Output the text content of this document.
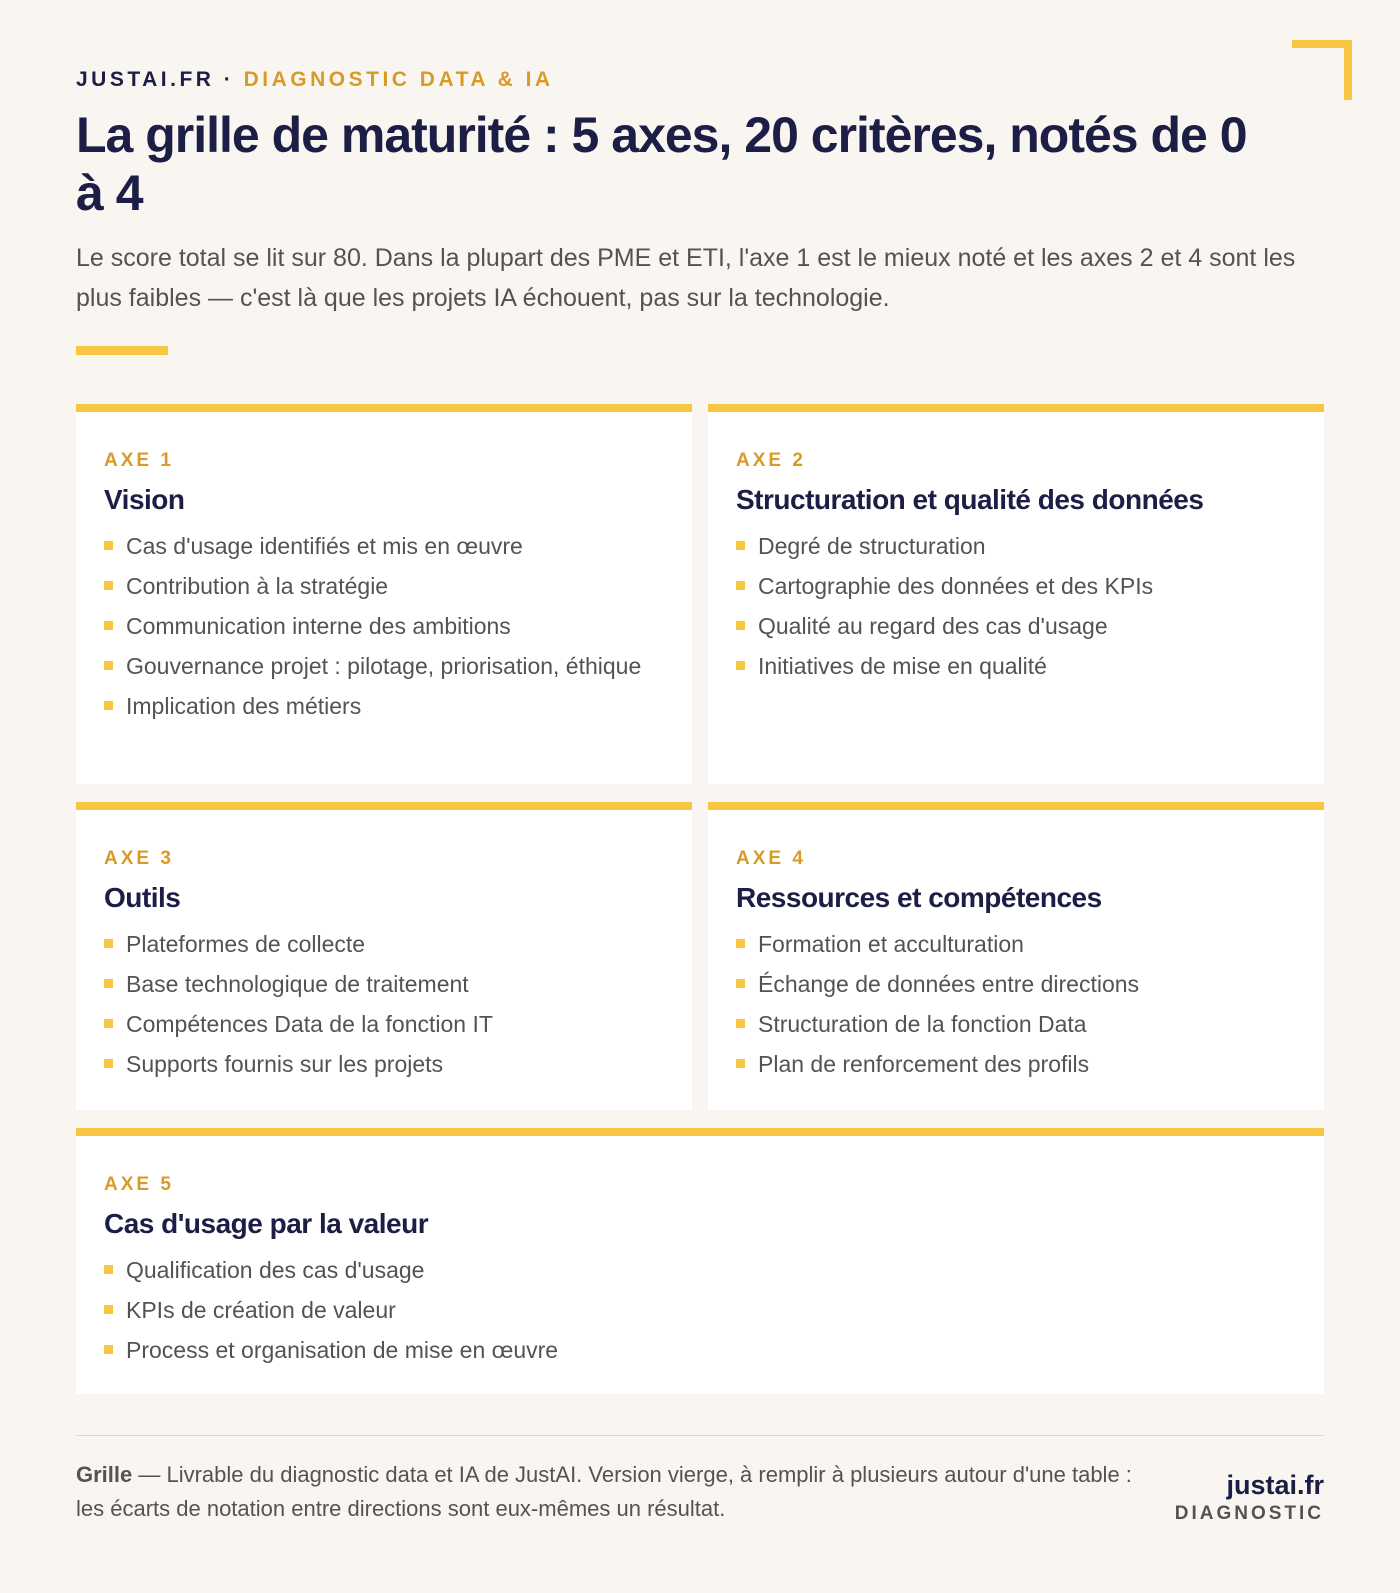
JUSTAI.FR · DIAGNOSTIC DATA & IA

La grille de maturité : 5 axes, 20 critères, notés de 0 à 4

Le score total se lit sur 80. Dans la plupart des PME et ETI, l'axe 1 est le mieux noté et les axes 2 et 4 sont les plus faibles — c'est là que les projets IA échouent, pas sur la technologie.

AXE 1
Vision
Cas d'usage identifiés et mis en œuvre
Contribution à la stratégie
Communication interne des ambitions
Gouvernance projet : pilotage, priorisation, éthique
Implication des métiers
AXE 2
Structuration et qualité des données
Degré de structuration
Cartographie des données et des KPIs
Qualité au regard des cas d'usage
Initiatives de mise en qualité
AXE 3
Outils
Plateformes de collecte
Base technologique de traitement
Compétences Data de la fonction IT
Supports fournis sur les projets
AXE 4
Ressources et compétences
Formation et acculturation
Échange de données entre directions
Structuration de la fonction Data
Plan de renforcement des profils
AXE 5
Cas d'usage par la valeur
Qualification des cas d'usage
KPIs de création de valeur
Process et organisation de mise en œuvre

Grille — Livrable du diagnostic data et IA de JustAI. Version vierge, à remplir à plusieurs autour d'une table : les écarts de notation entre directions sont eux-mêmes un résultat.

justai.fr
DIAGNOSTIC
